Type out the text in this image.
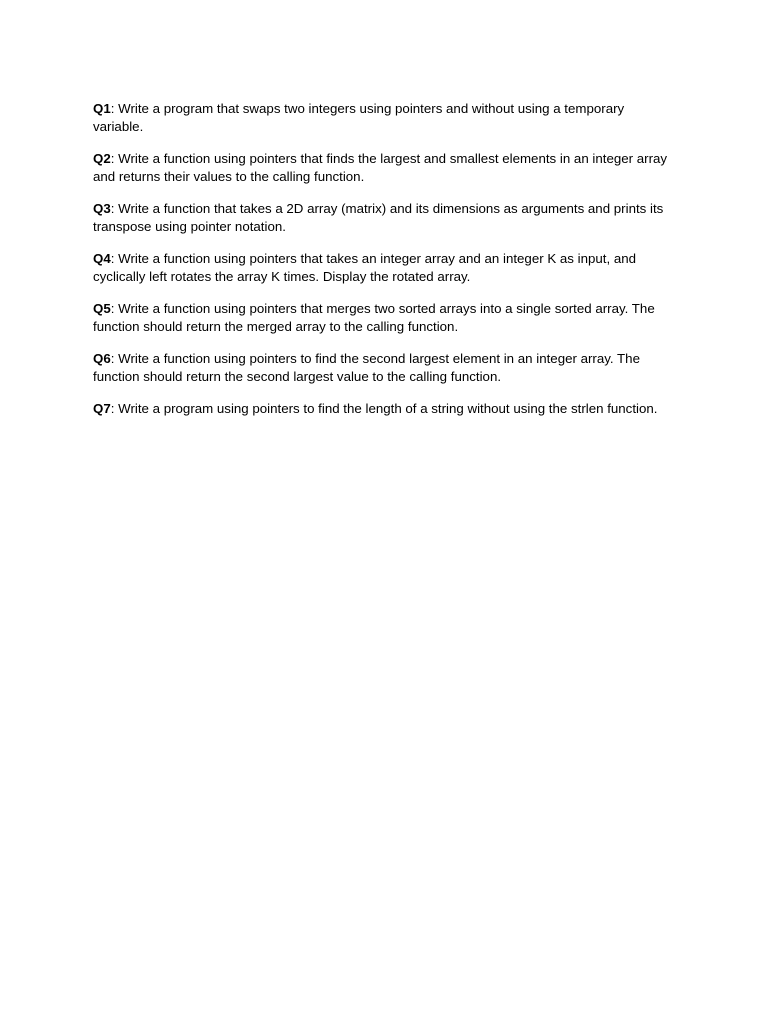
Q1: Write a program that swaps two integers using pointers and without using a temporary variable.
Q2: Write a function using pointers that finds the largest and smallest elements in an integer array and returns their values to the calling function.
Q3: Write a function that takes a 2D array (matrix) and its dimensions as arguments and prints its transpose using pointer notation.
Q4: Write a function using pointers that takes an integer array and an integer K as input, and cyclically left rotates the array K times. Display the rotated array.
Q5: Write a function using pointers that merges two sorted arrays into a single sorted array. The function should return the merged array to the calling function.
Q6: Write a function using pointers to find the second largest element in an integer array. The function should return the second largest value to the calling function.
Q7: Write a program using pointers to find the length of a string without using the strlen function.
